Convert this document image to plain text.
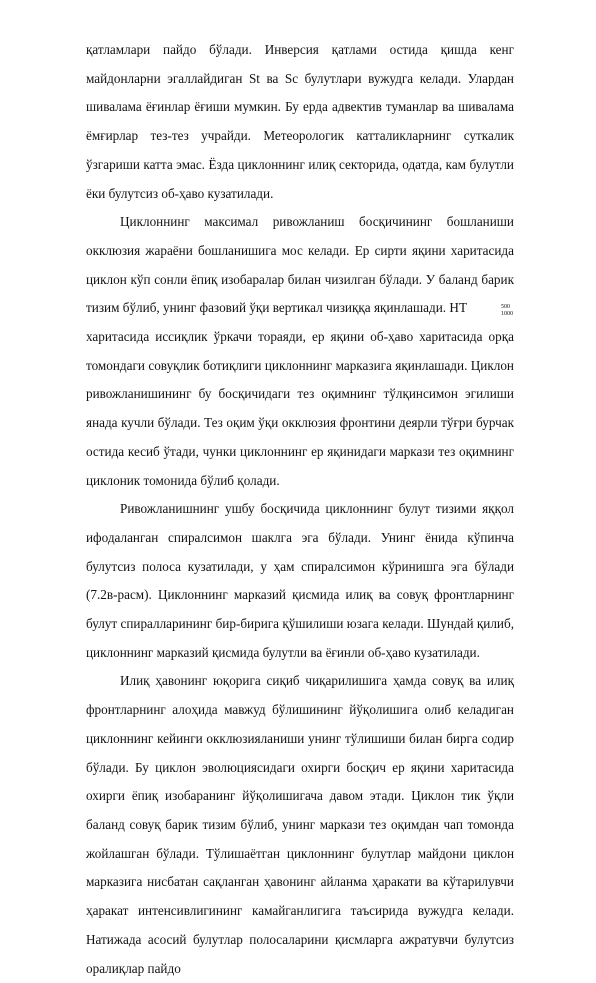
қатламлари пайдо бўлади. Инверсия қатлами остида қишда кенг майдонларни эгаллайдиган St ва Sc булутлари вужудга келади. Улардан шивалама ёғинлар ёғиши мумкин. Бу ерда адвектив туманлар ва шивалама ёмғирлар тез-тез учрайди. Метеорологик катталикларнинг суткалик ўзгариши катта эмас. Ёзда циклоннинг илиқ секторида, одатда, кам булутли ёки булутсиз об-ҳаво кузатилади.

Циклоннинг максимал ривожланиш босқичининг бошланиши окклюзия жараёни бошланишига мос келади. Ер сирти яқини харитасида циклон кўп сонли ёпиқ изобаралар билан чизилган бўлади. У баланд барик тизим бўлиб, унинг фазовий ўқи вертикал чизиққа яқинлашади. НТ	500
1000
харитасида иссиқлик ўркачи тораяди, ер яқини об-ҳаво харитасида орқа томондаги совуқлик ботиқлиги циклоннинг марказига яқинлашади. Циклон ривожланишининг бу босқичидаги тез оқимнинг тўлқинсимон эгилиши янада кучли бўлади. Тез оқим ўқи окклюзия фронтини деярли тўғри бурчак остида кесиб ўтади, чунки циклоннинг ер яқинидаги маркази тез оқимнинг циклоник томонида бўлиб қолади.

Ривожланишнинг ушбу босқичида циклоннинг булут тизими яққол ифодаланган спиралсимон шаклга эга бўлади. Унинг ёнида кўпинча булутсиз полоса кузатилади, у ҳам спиралсимон кўринишга эга бўлади (7.2в-расм). Циклоннинг марказий қисмида илиқ ва совуқ фронтларнинг булут спиралларининг бир-бирига қўшилиши юзага келади. Шундай қилиб, циклоннинг марказий қисмида булутли ва ёғинли об-ҳаво кузатилади.

Илиқ ҳавонинг юқорига сиқиб чиқарилишига ҳамда совуқ ва илиқ фронтларнинг алоҳида мавжуд бўлишининг йўқолишига олиб келадиган циклоннинг кейинги окклюзияланиши унинг тўлишиши билан бирга содир бўлади. Бу циклон эволюциясидаги охирги босқич ер яқини харитасида охирги ёпиқ изобаранинг йўқолишигача давом этади. Циклон тик ўқли баланд совуқ барик тизим бўлиб, унинг маркази тез оқимдан чап томонда жойлашган бўлади. Тўлишаётган циклоннинг булутлар майдони циклон марказига нисбатан сақланган ҳавонинг айланма ҳаракати ва кўтарилувчи ҳаракат интенсивлигининг камайганлигига таъсирида вужудга келади. Натижада асосий булутлар полосаларини қисмларга ажратувчи булутсиз оралиқлар пайдо
